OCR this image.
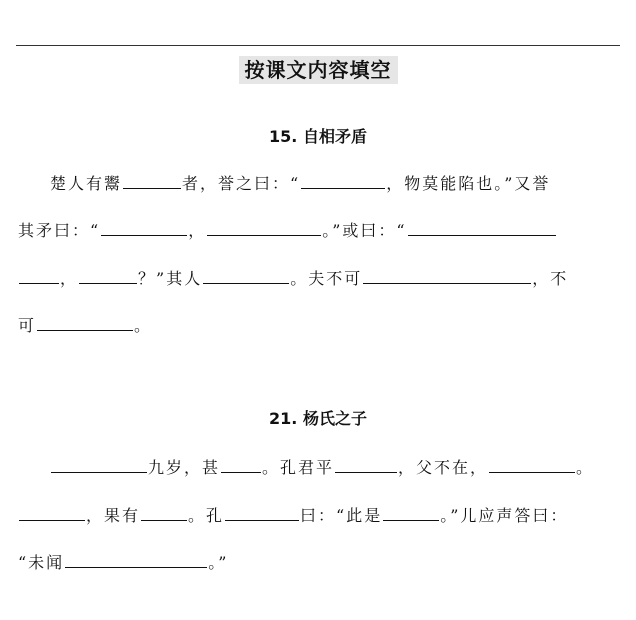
按课文内容填空
15. 自相矛盾
楚人有鬻	者，誉之曰：“	，物莫能陷也。”又誉
其矛曰：“	，	。”或曰：“
，	？”其人	。夫不可	，不
可	。
21. 杨氏之子
九岁，甚	。孔君平	，父不在，	。
，果有	。孔	曰：“此是	。”儿应声答曰：
“未闻	。”
